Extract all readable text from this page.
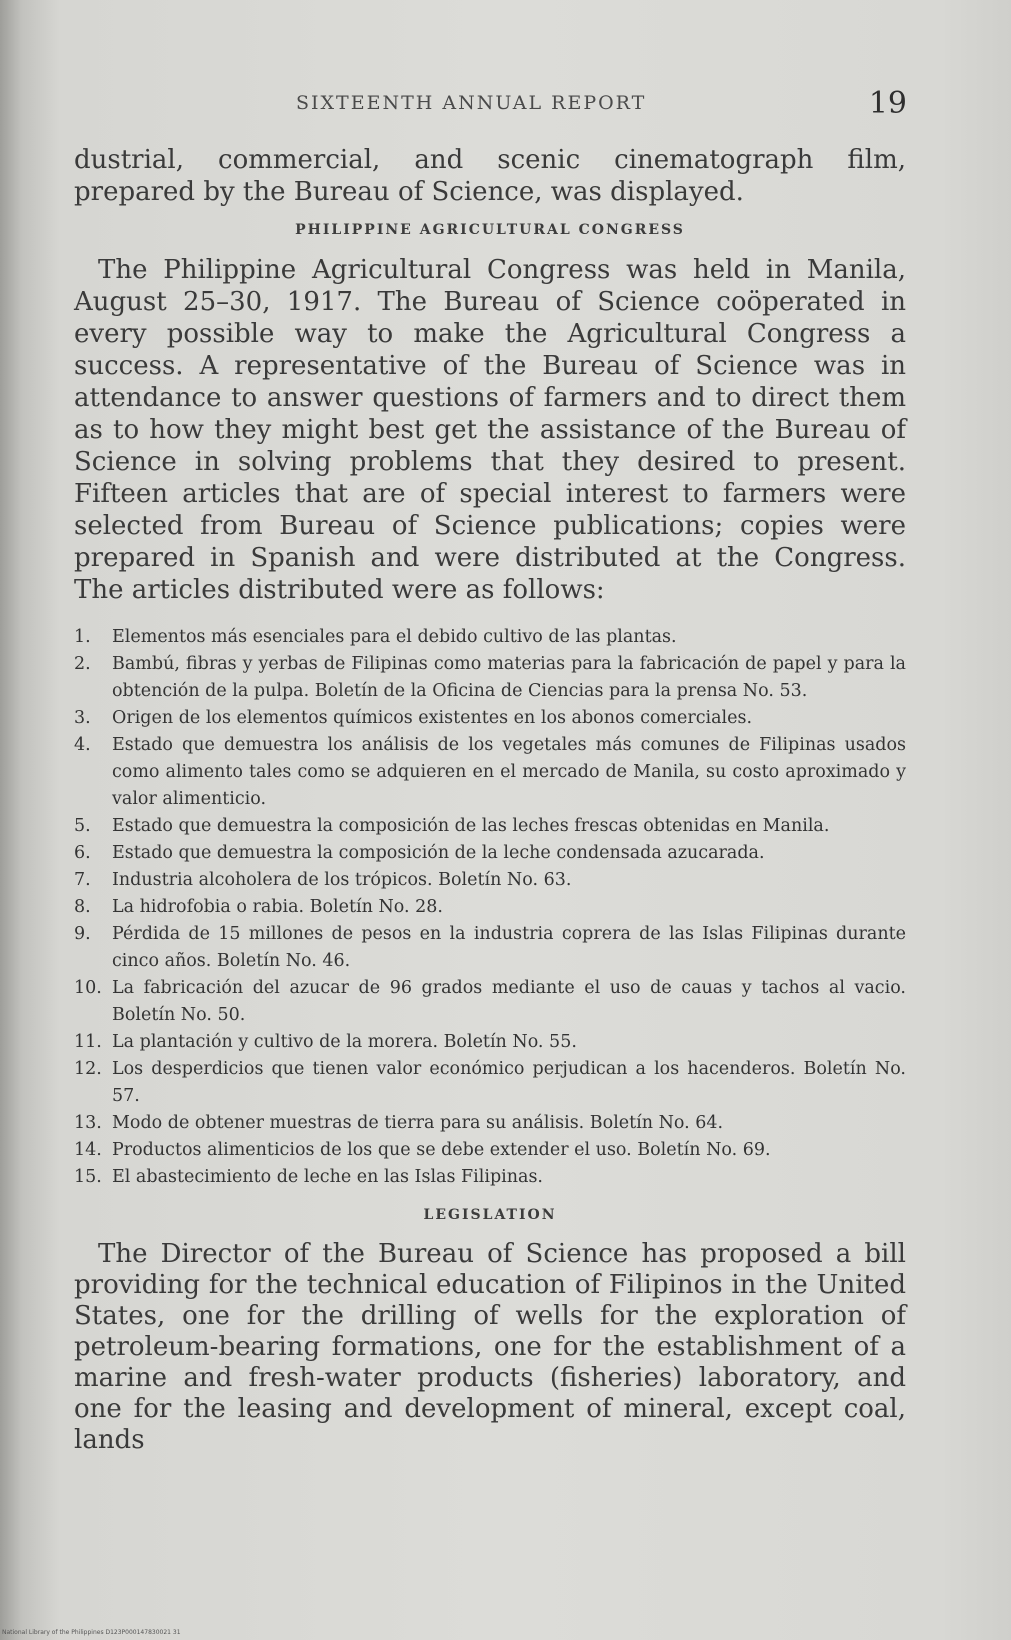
SIXTEENTH ANNUAL REPORT	19

dustrial, commercial, and scenic cinematograph film, prepared by the Bureau of Science, was displayed.

PHILIPPINE AGRICULTURAL CONGRESS

The Philippine Agricultural Congress was held in Manila, August 25–30, 1917. The Bureau of Science coöperated in every possible way to make the Agricultural Congress a success. A representative of the Bureau of Science was in attendance to answer questions of farmers and to direct them as to how they might best get the assistance of the Bureau of Science in solving problems that they desired to present. Fifteen articles that are of special interest to farmers were selected from Bureau of Science publications; copies were prepared in Spanish and were distributed at the Congress. The articles distributed were as follows:

1.	Elementos más esenciales para el debido cultivo de las plantas.
2.	Bambú, fibras y yerbas de Filipinas como materias para la fabricación de papel y para la obtención de la pulpa. Boletín de la Oficina de Ciencias para la prensa No. 53.
3.	Origen de los elementos químicos existentes en los abonos comerciales.
4.	Estado que demuestra los análisis de los vegetales más comunes de Filipinas usados como alimento tales como se adquieren en el mercado de Manila, su costo aproximado y valor alimenticio.
5.	Estado que demuestra la composición de las leches frescas obtenidas en Manila.
6.	Estado que demuestra la composición de la leche condensada azucarada.
7.	Industria alcoholera de los trópicos. Boletín No. 63.
8.	La hidrofobia o rabia. Boletín No. 28.
9.	Pérdida de 15 millones de pesos en la industria coprera de las Islas Filipinas durante cinco años. Boletín No. 46.
10. La fabricación del azucar de 96 grados mediante el uso de cauas y tachos al vacio. Boletín No. 50.
11. La plantación y cultivo de la morera. Boletín No. 55.
12. Los desperdicios que tienen valor económico perjudican a los hacenderos. Boletín No. 57.
13. Modo de obtener muestras de tierra para su análisis. Boletín No. 64.
14. Productos alimenticios de los que se debe extender el uso. Boletín No. 69.
15. El abastecimiento de leche en las Islas Filipinas.
LEGISLATION

The Director of the Bureau of Science has proposed a bill providing for the technical education of Filipinos in the United States, one for the drilling of wells for the exploration of petroleum-bearing formations, one for the establishment of a marine and fresh-water products (fisheries) laboratory, and one for the leasing and development of mineral, except coal, lands

National Library of the Philippines D123P000147830021 31
